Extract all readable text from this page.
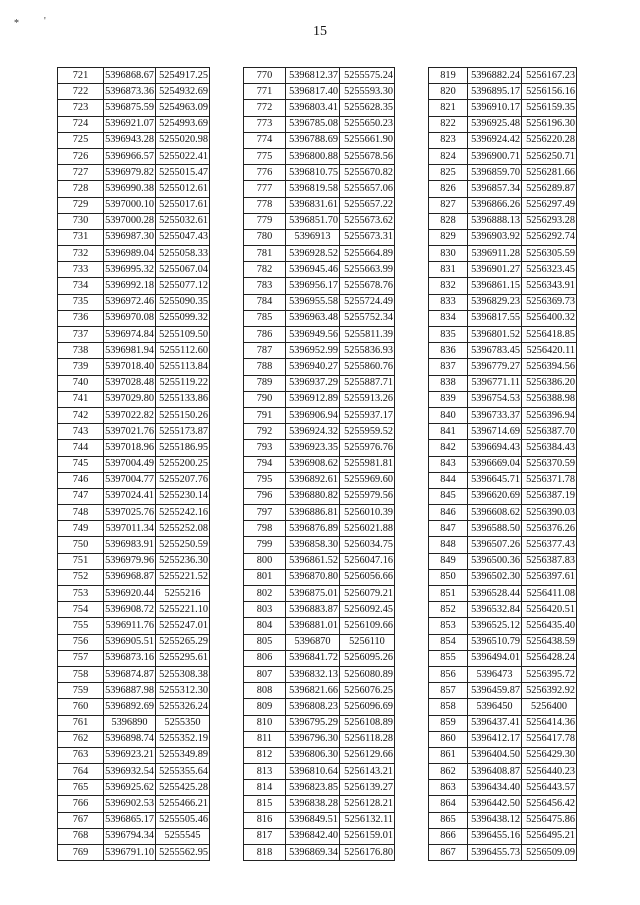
15
*	'
721	5396868.67	5254917.25
722	5396873.36	5254932.69
723	5396875.59	5254963.09
724	5396921.07	5254993.69
725	5396943.28	5255020.98
726	5396966.57	5255022.41
727	5396979.82	5255015.47
728	5396990.38	5255012.61
729	5397000.10	5255017.61
730	5397000.28	5255032.61
731	5396987.30	5255047.43
732	5396989.04	5255058.33
733	5396995.32	5255067.04
734	5396992.18	5255077.12
735	5396972.46	5255090.35
736	5396970.08	5255099.32
737	5396974.84	5255109.50
738	5396981.94	5255112.60
739	5397018.40	5255113.84
740	5397028.48	5255119.22
741	5397029.80	5255133.86
742	5397022.82	5255150.26
743	5397021.76	5255173.87
744	5397018.96	5255186.95
745	5397004.49	5255200.25
746	5397004.77	5255207.76
747	5397024.41	5255230.14
748	5397025.76	5255242.16
749	5397011.34	5255252.08
750	5396983.91	5255250.59
751	5396979.96	5255236.30
752	5396968.87	5255221.52
753	5396920.44	5255216
754	5396908.72	5255221.10
755	5396911.76	5255247.01
756	5396905.51	5255265.29
757	5396873.16	5255295.61
758	5396874.87	5255308.38
759	5396887.98	5255312.30
760	5396892.69	5255326.24
761	5396890	5255350
762	5396898.74	5255352.19
763	5396923.21	5255349.89
764	5396932.54	5255355.64
765	5396925.62	5255425.28
766	5396902.53	5255466.21
767	5396865.17	5255505.46
768	5396794.34	5255545
769	5396791.10	5255562.95
770	5396812.37	5255575.24
771	5396817.40	5255593.30
772	5396803.41	5255628.35
773	5396785.08	5255650.23
774	5396788.69	5255661.90
775	5396800.88	5255678.56
776	5396810.75	5255670.82
777	5396819.58	5255657.06
778	5396831.61	5255657.22
779	5396851.70	5255673.62
780	5396913	5255673.31
781	5396928.52	5255664.89
782	5396945.46	5255663.99
783	5396956.17	5255678.76
784	5396955.58	5255724.49
785	5396963.48	5255752.34
786	5396949.56	5255811.39
787	5396952.99	5255836.93
788	5396940.27	5255860.76
789	5396937.29	5255887.71
790	5396912.89	5255913.26
791	5396906.94	5255937.17
792	5396924.32	5255959.52
793	5396923.35	5255976.76
794	5396908.62	5255981.81
795	5396892.61	5255969.60
796	5396880.82	5255979.56
797	5396886.81	5256010.39
798	5396876.89	5256021.88
799	5396858.30	5256034.75
800	5396861.52	5256047.16
801	5396870.80	5256056.66
802	5396875.01	5256079.21
803	5396883.87	5256092.45
804	5396881.01	5256109.66
805	5396870	5256110
806	5396841.72	5256095.26
807	5396832.13	5256080.89
808	5396821.66	5256076.25
809	5396808.23	5256096.69
810	5396795.29	5256108.89
811	5396796.30	5256118.28
812	5396806.30	5256129.66
813	5396810.64	5256143.21
814	5396823.85	5256139.27
815	5396838.28	5256128.21
816	5396849.51	5256132.11
817	5396842.40	5256159.01
818	5396869.34	5256176.80
819	5396882.24	5256167.23
820	5396895.17	5256156.16
821	5396910.17	5256159.35
822	5396925.48	5256196.30
823	5396924.42	5256220.28
824	5396900.71	5256250.71
825	5396859.70	5256281.66
826	5396857.34	5256289.87
827	5396866.26	5256297.49
828	5396888.13	5256293.28
829	5396903.92	5256292.74
830	5396911.28	5256305.59
831	5396901.27	5256323.45
832	5396861.15	5256343.91
833	5396829.23	5256369.73
834	5396817.55	5256400.32
835	5396801.52	5256418.85
836	5396783.45	5256420.11
837	5396779.27	5256394.56
838	5396771.11	5256386.20
839	5396754.53	5256388.98
840	5396733.37	5256396.94
841	5396714.69	5256387.70
842	5396694.43	5256384.43
843	5396669.04	5256370.59
844	5396645.71	5256371.78
845	5396620.69	5256387.19
846	5396608.62	5256390.03
847	5396588.50	5256376.26
848	5396507.26	5256377.43
849	5396500.36	5256387.83
850	5396502.30	5256397.61
851	5396528.44	5256411.08
852	5396532.84	5256420.51
853	5396525.12	5256435.40
854	5396510.79	5256438.59
855	5396494.01	5256428.24
856	5396473	5256395.72
857	5396459.87	5256392.92
858	5396450	5256400
859	5396437.41	5256414.36
860	5396412.17	5256417.78
861	5396404.50	5256429.30
862	5396408.87	5256440.23
863	5396434.40	5256443.57
864	5396442.50	5256456.42
865	5396438.12	5256475.86
866	5396455.16	5256495.21
867	5396455.73	5256509.09
